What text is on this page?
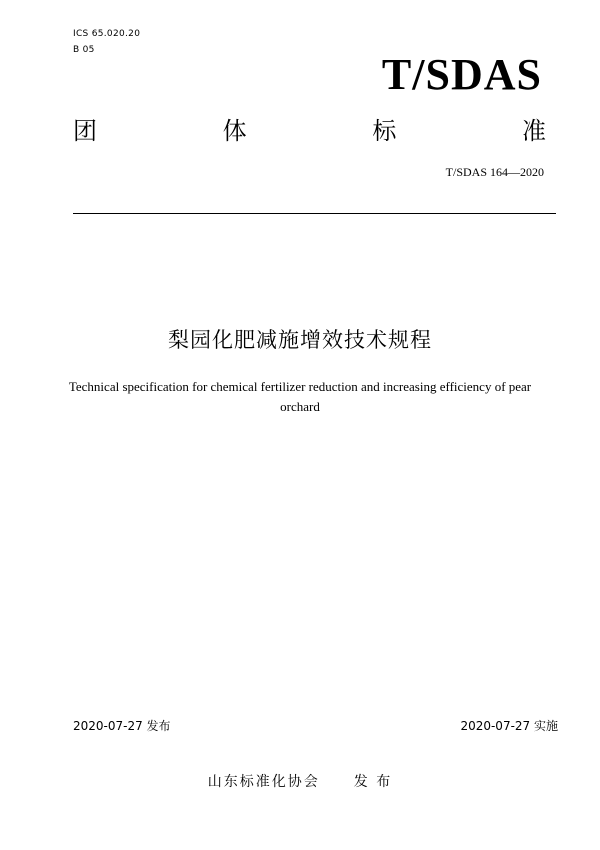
ICS 65.020.20
B 05	T/SDAS
团	体	标	准
T/SDAS 164—2020
梨园化肥减施增效技术规程
Technical specification for chemical fertilizer reduction and increasing efficiency of pear orchard
2020-07-27 发布	2020-07-27 实施
山东标准化协会 发 布
